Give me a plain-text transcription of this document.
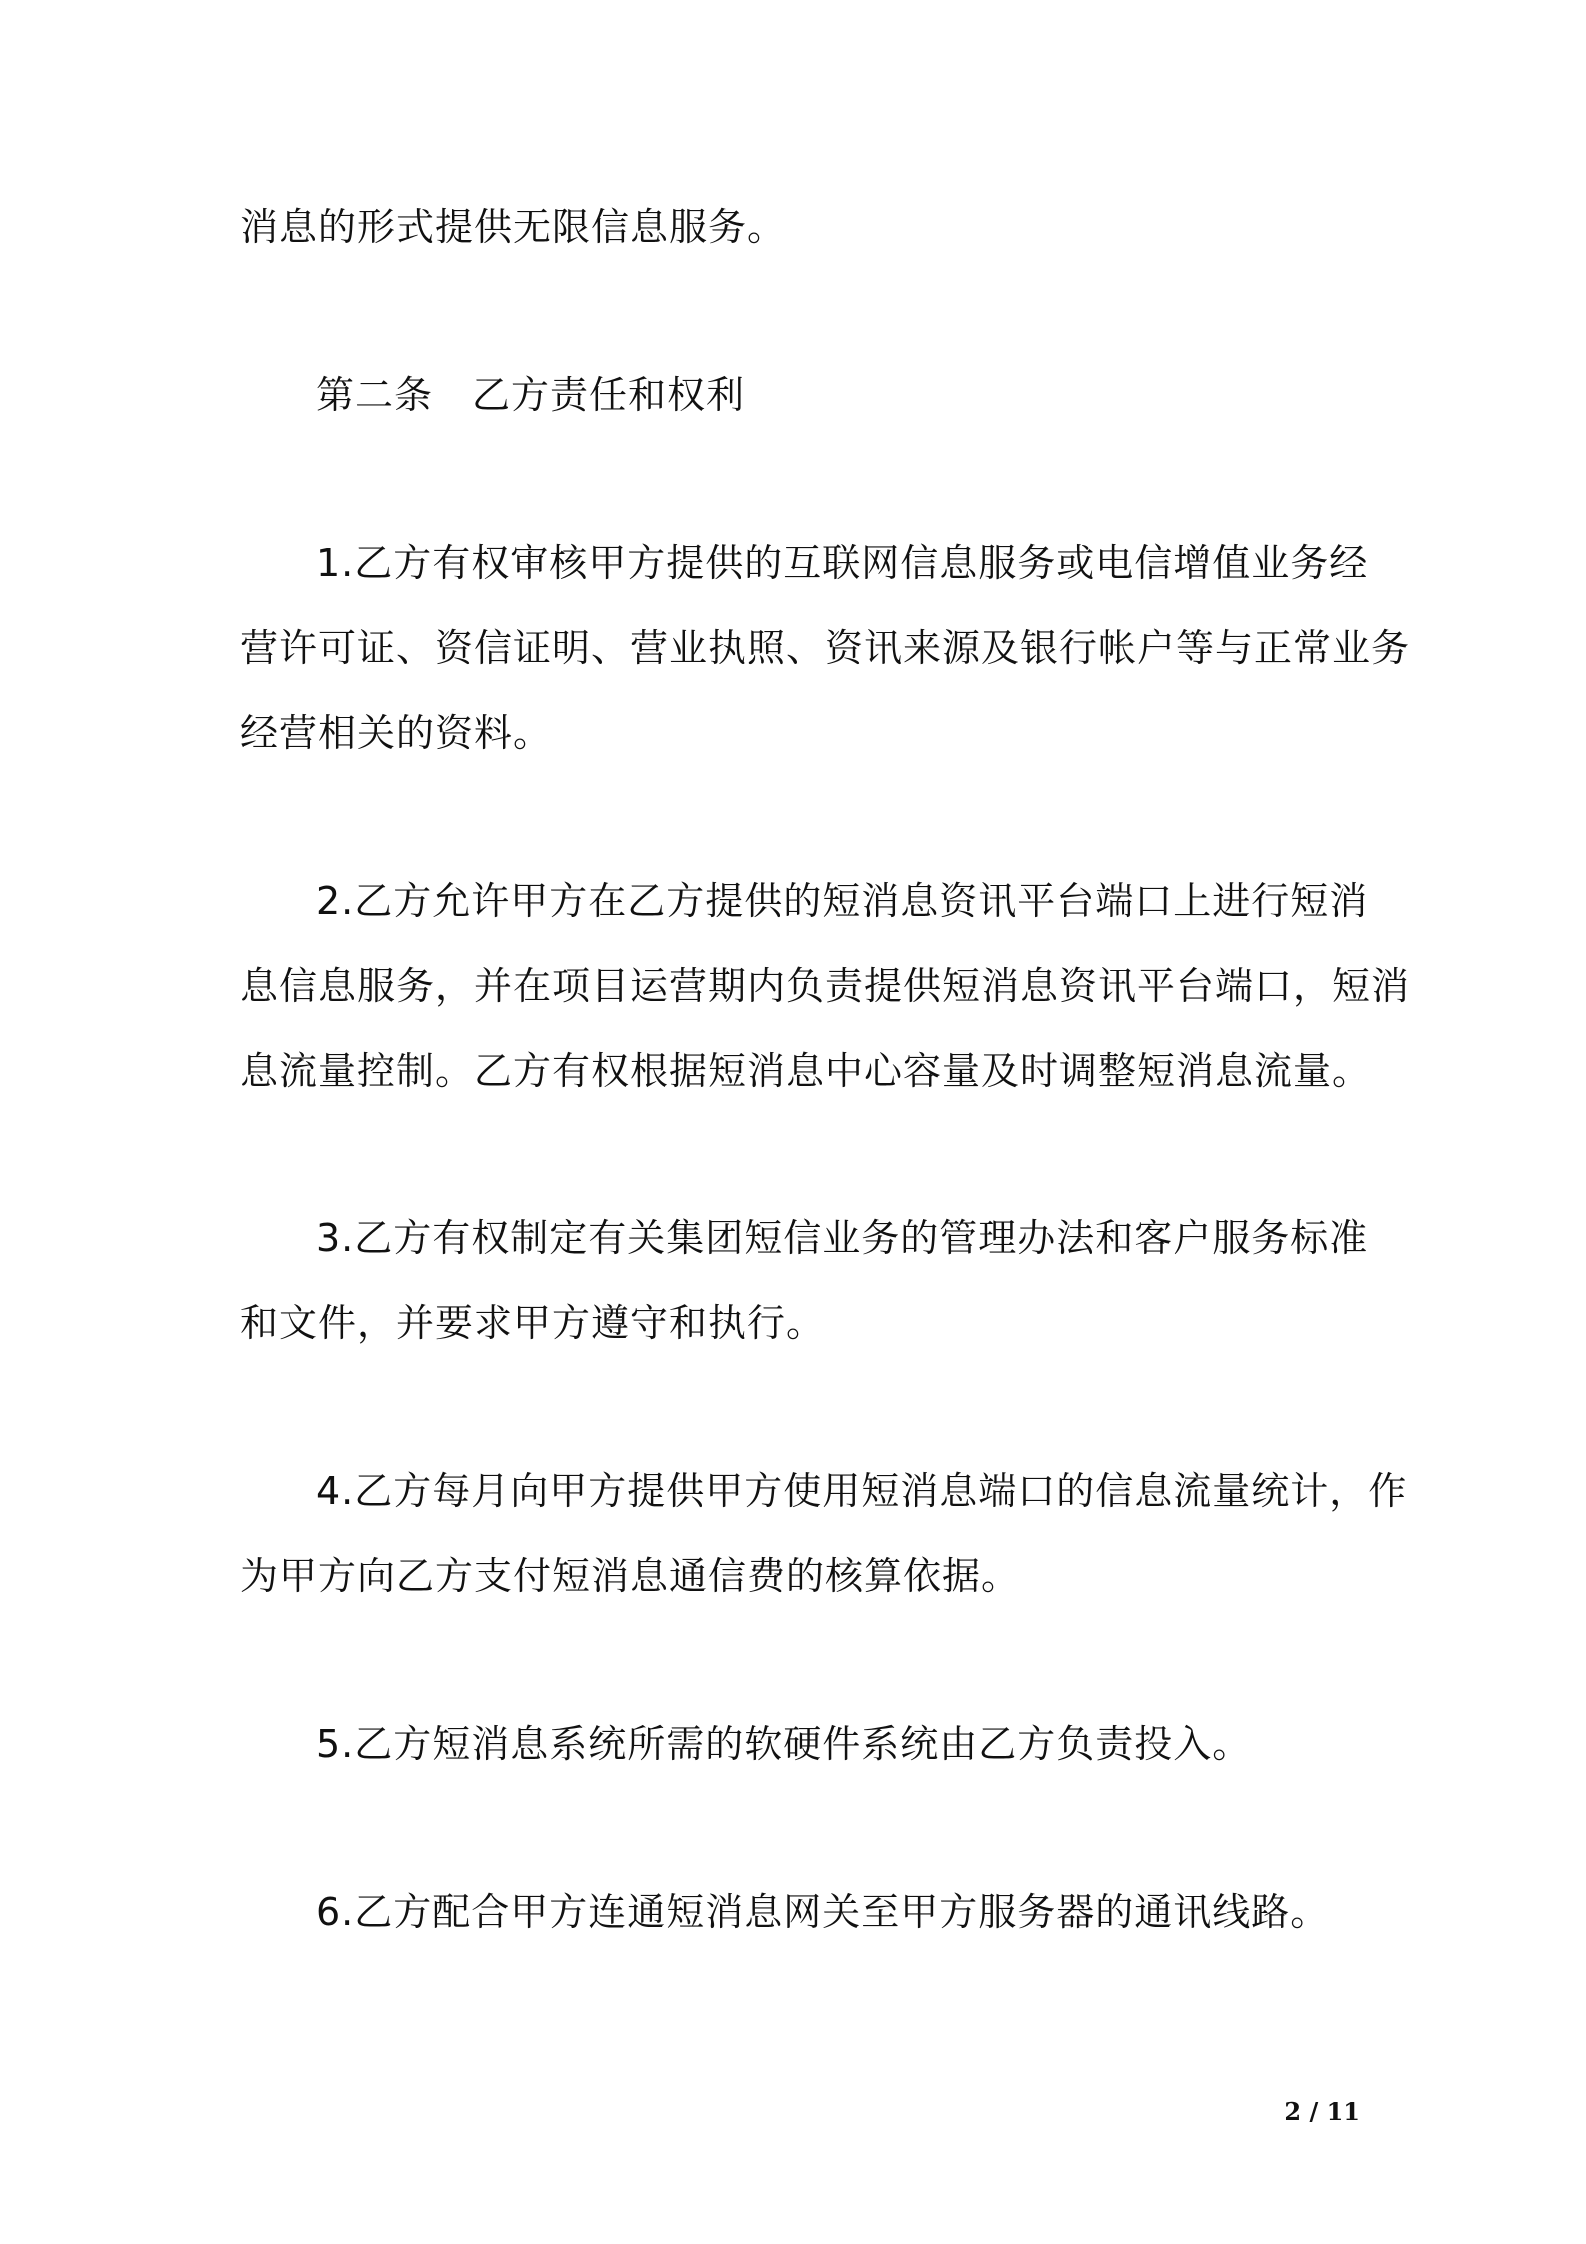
消息的形式提供无限信息服务。
第二条　乙方责任和权利
1.乙方有权审核甲方提供的互联网信息服务或电信增值业务经
营许可证、资信证明、营业执照、资讯来源及银行帐户等与正常业务
经营相关的资料。
2.乙方允许甲方在乙方提供的短消息资讯平台端口上进行短消
息信息服务，并在项目运营期内负责提供短消息资讯平台端口，短消
息流量控制。乙方有权根据短消息中心容量及时调整短消息流量。
3.乙方有权制定有关集团短信业务的管理办法和客户服务标准
和文件，并要求甲方遵守和执行。
4.乙方每月向甲方提供甲方使用短消息端口的信息流量统计，作
为甲方向乙方支付短消息通信费的核算依据。
5.乙方短消息系统所需的软硬件系统由乙方负责投入。
6.乙方配合甲方连通短消息网关至甲方服务器的通讯线路。
2 / 11
